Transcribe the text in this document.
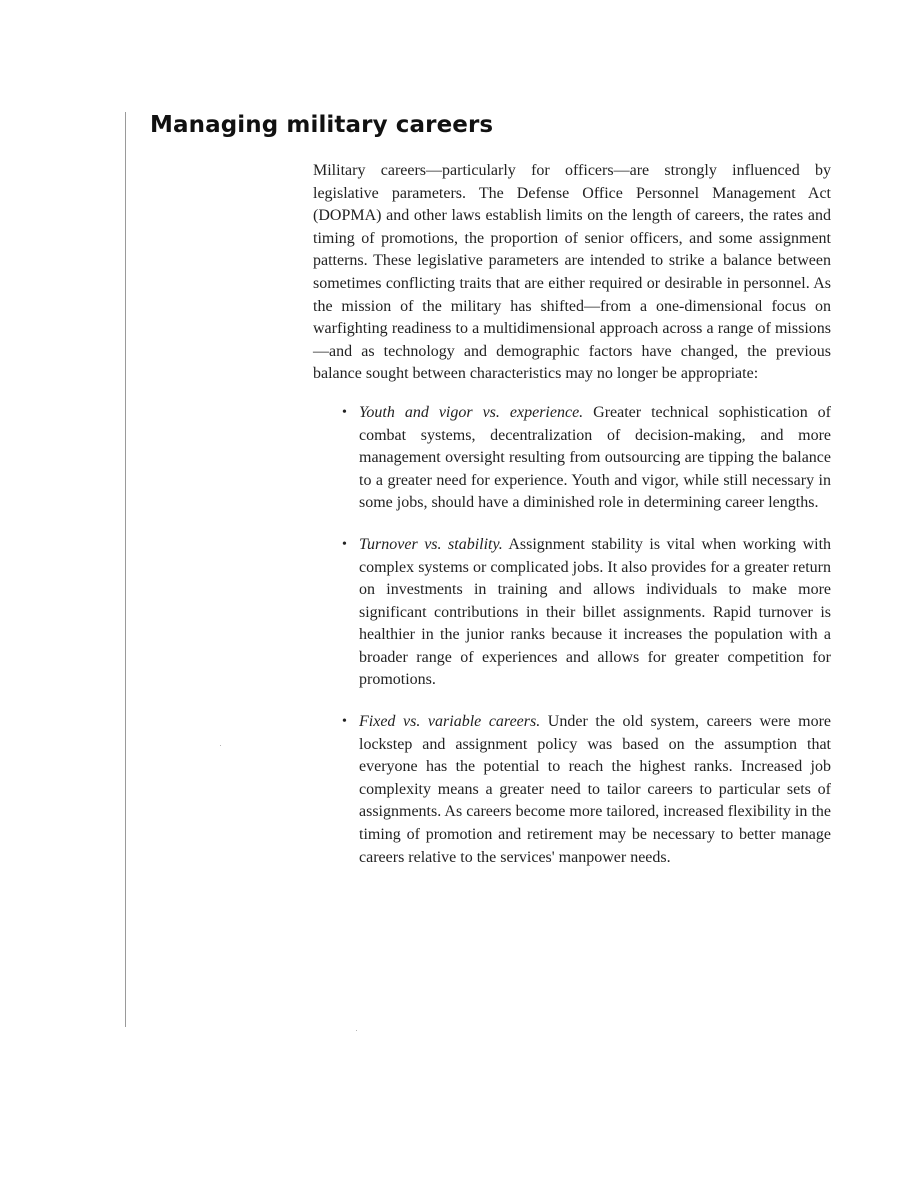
Managing military careers

Military careers—particularly for officers—are strongly influenced by legislative parameters. The Defense Office Personnel Management Act (DOPMA) and other laws establish limits on the length of careers, the rates and timing of promotions, the proportion of senior officers, and some assignment patterns. These legislative parameters are intended to strike a balance between sometimes conflicting traits that are either required or desirable in personnel. As the mission of the military has shifted—from a one-dimensional focus on warfighting readiness to a multidimensional approach across a range of missions—and as technology and demographic factors have changed, the previous balance sought between characteristics may no longer be appropriate:

• Youth and vigor vs. experience. Greater technical sophistication of combat systems, decentralization of decision-making, and more management oversight resulting from outsourcing are tipping the balance to a greater need for experience. Youth and vigor, while still necessary in some jobs, should have a diminished role in determining career lengths.
• Turnover vs. stability. Assignment stability is vital when working with complex systems or complicated jobs. It also provides for a greater return on investments in training and allows individuals to make more significant contributions in their billet assignments. Rapid turnover is healthier in the junior ranks because it increases the population with a broader range of experiences and allows for greater competition for promotions.
• Fixed vs. variable careers. Under the old system, careers were more lockstep and assignment policy was based on the assumption that everyone has the potential to reach the highest ranks. Increased job complexity means a greater need to tailor careers to particular sets of assignments. As careers become more tailored, increased flexibility in the timing of promotion and retirement may be necessary to better manage careers relative to the services' manpower needs.
